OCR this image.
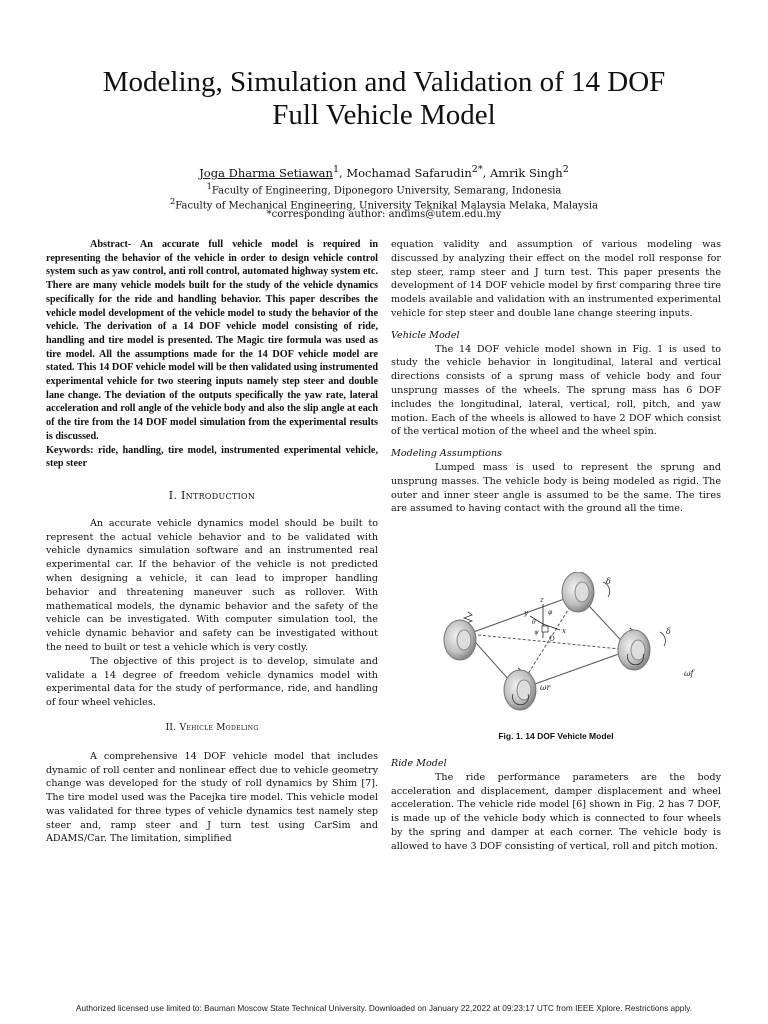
Modeling, Simulation and Validation of 14 DOF
Full Vehicle Model
Joga Dharma Setiawan$^1$, Mochamad Safarudin$^{2*}$, Amrik Singh$^2$
$^1$Faculty of Engineering, Diponegoro University, Semarang, Indonesia
$^2$Faculty of Mechanical Engineering, University Teknikal Malaysia Melaka, Malaysia
*corresponding author: andims@utem.edu.my

Abstract- An accurate full vehicle model is required in representing the behavior of the vehicle in order to design vehicle control system such as yaw control, anti roll control, automated highway system etc. There are many vehicle models built for the study of the vehicle dynamics specifically for the ride and handling behavior. This paper describes the vehicle model development of the vehicle model to study the behavior of the vehicle. The derivation of a 14 DOF vehicle model consisting of ride, handling and tire model is presented. The Magic tire formula was used as tire model. All the assumptions made for the 14 DOF vehicle model are stated. This 14 DOF vehicle model will be then validated using instrumented experimental vehicle for two steering inputs namely step steer and double lane change. The deviation of the outputs specifically the yaw rate, lateral acceleration and roll angle of the vehicle body and also the slip angle at each of the tire from the 14 DOF model simulation from the experimental results is discussed.

Keywords: ride, handling, tire model, instrumented experimental vehicle, step steer

I. Introduction

An accurate vehicle dynamics model should be built to represent the actual vehicle behavior and to be validated with vehicle dynamics simulation software and an instrumented real experimental car. If the behavior of the vehicle is not predicted when designing a vehicle, it can lead to improper handling behavior and threatening maneuver such as rollover. With mathematical models, the dynamic behavior and the safety of the vehicle can be investigated. With computer simulation tool, the vehicle dynamic behavior and safety can be investigated without the need to built or test a vehicle which is very costly.

The objective of this project is to develop, simulate and validate a 14 degree of freedom vehicle dynamics model with experimental data for the study of performance, ride, and handling of four wheel vehicles.

II. Vehicle Modeling

A comprehensive 14 DOF vehicle model that includes dynamic of roll center and nonlinear effect due to vehicle geometry change was developed for the study of roll dynamics by Shim [7]. The tire model used was the Pacejka tire model. This vehicle model was validated for three types of vehicle dynamics test namely step steer and, ramp steer and J turn test using CarSim and ADAMS/Car. The limitation, simplified

equation validity and assumption of various modeling was discussed by analyzing their effect on the model roll response for step steer, ramp steer and J turn test. This paper presents the development of 14 DOF vehicle model by first comparing three tire models available and validation with an instrumented experimental vehicle for step steer and double lane change steering inputs.

Vehicle Model

The 14 DOF vehicle model shown in Fig. 1 is used to study the vehicle behavior in longitudinal, lateral and vertical directions consists of a sprung mass of vehicle body and four unsprung masses of the wheels. The sprung mass has 6 DOF includes the longitudinal, lateral, vertical, roll, pitch, and yaw motion. Each of the wheels is allowed to have 2 DOF which consist of the vertical motion of the wheel and the wheel spin.

Modeling Assumptions

Lumped mass is used to represent the sprung and unsprung masses. The vehicle body is being modeled as rigid. The outer and inner steer angle is assumed to be the same. The tires are assumed to having contact with the ground all the time.

z
y
x
θ
φ
ψ
O
δ
δ
ωr
ωf
Fig. 1. 14 DOF Vehicle Model

Ride Model

The ride performance parameters are the body acceleration and displacement, damper displacement and wheel acceleration. The vehicle ride model [6] shown in Fig. 2 has 7 DOF, is made up of the vehicle body which is connected to four wheels by the spring and damper at each corner. The vehicle body is allowed to have 3 DOF consisting of vertical, roll and pitch motion.

Authorized licensed use limited to: Bauman Moscow State Technical University. Downloaded on January 22,2022 at 09:23:17 UTC from IEEE Xplore. Restrictions apply.
